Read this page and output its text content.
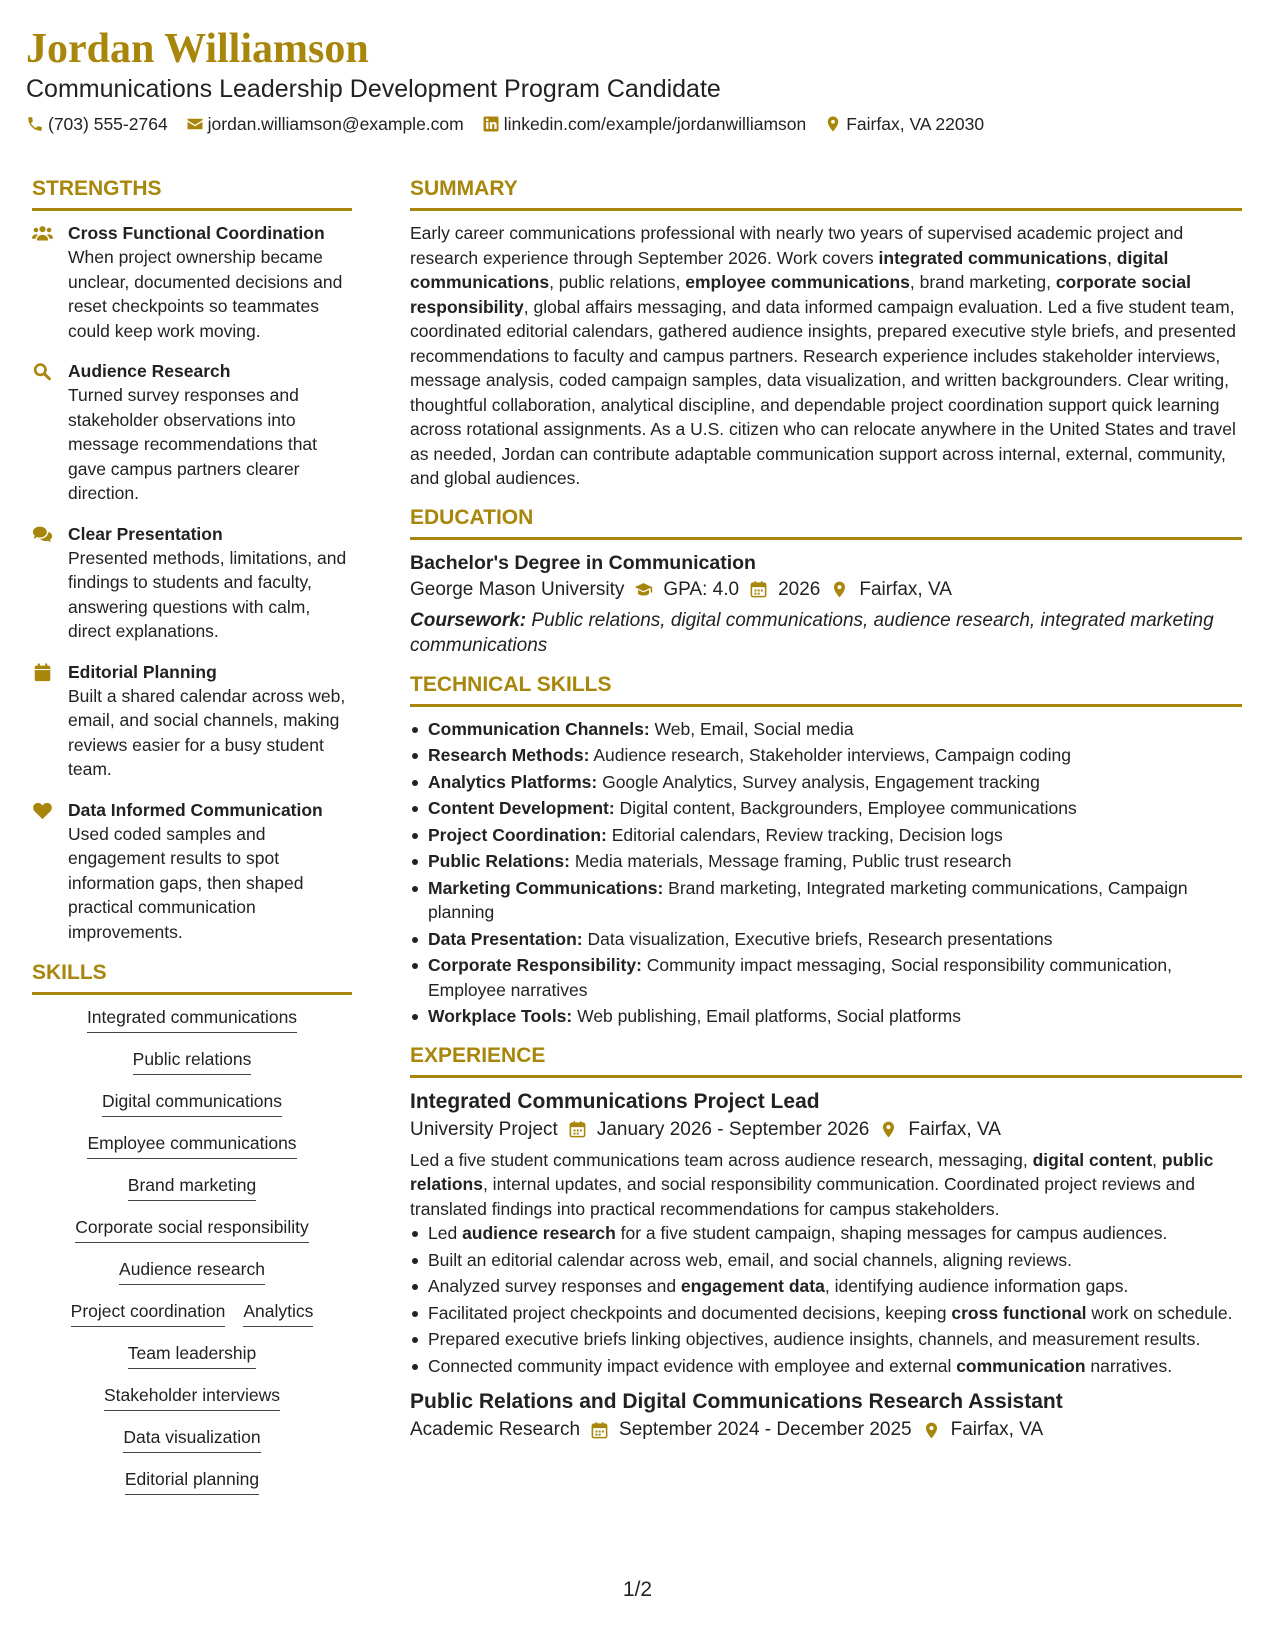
Jordan Williamson
Communications Leadership Development Program Candidate
(703) 555-2764 jordan.williamson@example.com linkedin.com/example/jordanwilliamson Fairfax, VA 22030
STRENGTHS
Cross Functional Coordination
When project ownership became unclear, documented decisions and reset checkpoints so teammates could keep work moving.
Audience Research
Turned survey responses and stakeholder observations into message recommendations that gave campus partners clearer direction.
Clear Presentation
Presented methods, limitations, and findings to students and faculty, answering questions with calm, direct explanations.
Editorial Planning
Built a shared calendar across web, email, and social channels, making reviews easier for a busy student team.
Data Informed Communication
Used coded samples and engagement results to spot information gaps, then shaped practical communication improvements.
SKILLS
Integrated communications
Public relations
Digital communications
Employee communications
Brand marketing
Corporate social responsibility
Audience research
Project coordination Analytics
Team leadership
Stakeholder interviews
Data visualization
Editorial planning
SUMMARY
Early career communications professional with nearly two years of supervised academic project and research experience through September 2026. Work covers integrated communications, digital communications, public relations, employee communications, brand marketing, corporate social responsibility, global affairs messaging, and data informed campaign evaluation. Led a five student team, coordinated editorial calendars, gathered audience insights, prepared executive style briefs, and presented recommendations to faculty and campus partners. Research experience includes stakeholder interviews, message analysis, coded campaign samples, data visualization, and written backgrounders. Clear writing, thoughtful collaboration, analytical discipline, and dependable project coordination support quick learning across rotational assignments. As a U.S. citizen who can relocate anywhere in the United States and travel as needed, Jordan can contribute adaptable communication support across internal, external, community, and global audiences.
EDUCATION
Bachelor's Degree in Communication
George Mason University GPA: 4.0 2026 Fairfax, VA
Coursework: Public relations, digital communications, audience research, integrated marketing communications
TECHNICAL SKILLS
Communication Channels: Web, Email, Social media
Research Methods: Audience research, Stakeholder interviews, Campaign coding
Analytics Platforms: Google Analytics, Survey analysis, Engagement tracking
Content Development: Digital content, Backgrounders, Employee communications
Project Coordination: Editorial calendars, Review tracking, Decision logs
Public Relations: Media materials, Message framing, Public trust research
Marketing Communications: Brand marketing, Integrated marketing communications, Campaign planning
Data Presentation: Data visualization, Executive briefs, Research presentations
Corporate Responsibility: Community impact messaging, Social responsibility communication, Employee narratives
Workplace Tools: Web publishing, Email platforms, Social platforms
EXPERIENCE
Integrated Communications Project Lead
University Project January 2026 - September 2026 Fairfax, VA
Led a five student communications team across audience research, messaging, digital content, public relations, internal updates, and social responsibility communication. Coordinated project reviews and translated findings into practical recommendations for campus stakeholders.
Led audience research for a five student campaign, shaping messages for campus audiences.
Built an editorial calendar across web, email, and social channels, aligning reviews.
Analyzed survey responses and engagement data, identifying audience information gaps.
Facilitated project checkpoints and documented decisions, keeping cross functional work on schedule.
Prepared executive briefs linking objectives, audience insights, channels, and measurement results.
Connected community impact evidence with employee and external communication narratives.
Public Relations and Digital Communications Research Assistant
Academic Research September 2024 - December 2025 Fairfax, VA
1/2
